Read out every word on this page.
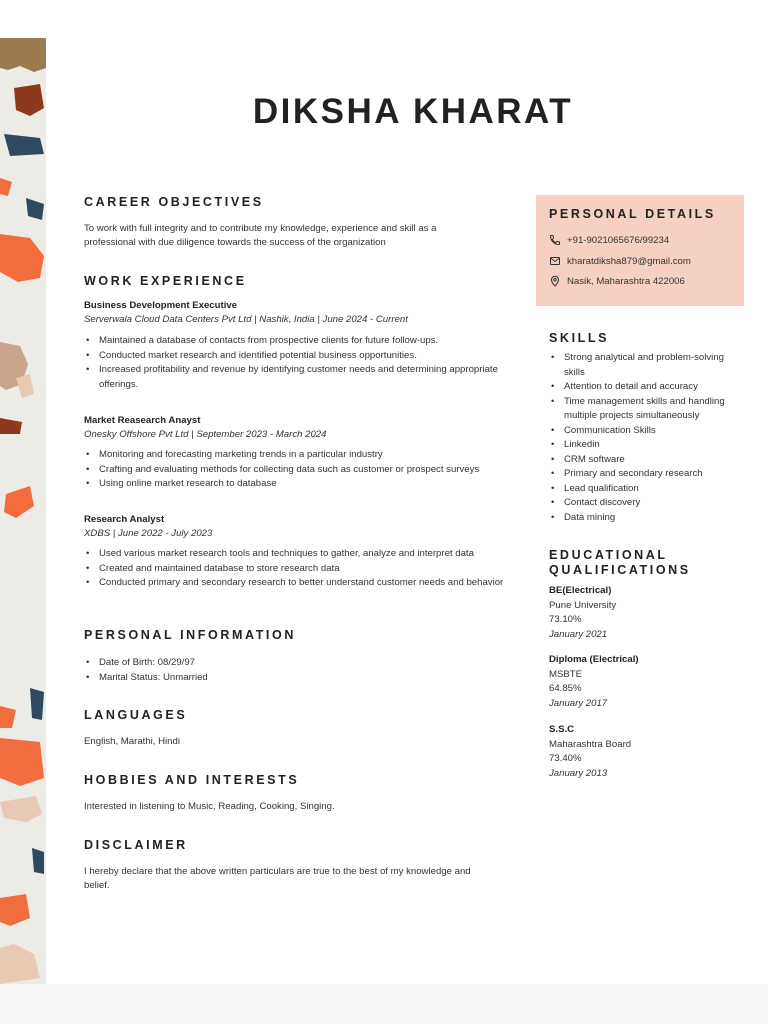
DIKSHA KHARAT
CAREER OBJECTIVES

To work with full integrity and to contribute my knowledge, experience and skill as a

professional with due diligence towards the success of the organization

WORK EXPERIENCE
Business Development Executive
Serverwala Cloud Data Centers Pvt Ltd | Nashik, India | June 2024 - Current
• Maintained a database of contacts from prospective clients for future follow-ups.
• Conducted market research and identified potential business opportunities.
• Increased profitability and revenue by identifying customer needs and determining appropriate offerings.
Market Reasearch Anayst
Onesky Offshore Pvt Ltd | September 2023 - March 2024
• Monitoring and forecasting marketing trends in a particular industry
• Crafting and evaluating methods for collecting data such as customer or prospect surveys
• Using online market research to database
Research Analyst
XDBS | June 2022 - July 2023
• Used various market research tools and techniques to gather, analyze and interpret data
• Created and maintained database to store research data
• Conducted primary and secondary research to better understand customer needs and behavior
PERSONAL INFORMATION
• Date of Birth: 08/29/97
• Marital Status: Unmarried
LANGUAGES

English, Marathi, Hindi

HOBBIES AND INTERESTS

Interested in listening to Music, Reading, Cooking, Singing.

DISCLAIMER

I hereby declare that the above written particulars are true to the best of my knowledge and

belief.

PERSONAL DETAILS
+91-9021065676/99234
kharatdiksha879@gmail.com
Nasik, Maharashtra 422006
SKILLS
• Strong analytical and problem-solving skills
• Attention to detail and accuracy
• Time management skills and handling multiple projects simultaneously
• Communication Skills
• Linkedin
• CRM software
• Primary and secondary research
• Lead qualification
• Contact discovery
• Data mining
EDUCATIONAL
QUALIFICATIONS
BE(Electrical)
Pune University
73.10%
January 2021
Diploma (Electrical)
MSBTE
64.85%
January 2017
S.S.C
Maharashtra Board
73.40%
January 2013
